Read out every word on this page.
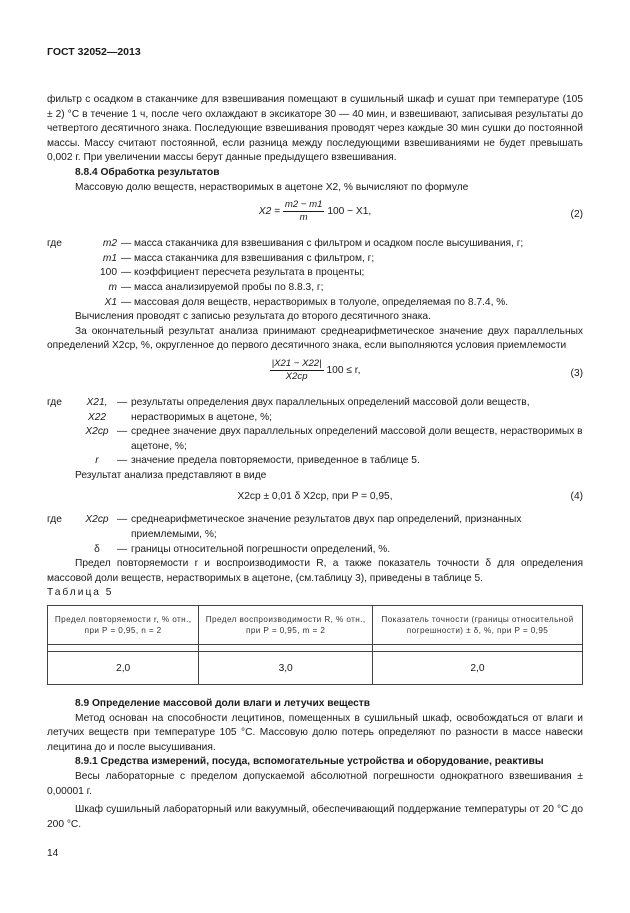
ГОСТ 32052—2013

фильтр с осадком в стаканчике для взвешивания помещают в сушильный шкаф и сушат при температуре (105 ± 2) °С в течение 1 ч, после чего охлаждают в эксикаторе 30 — 40 мин, и взвешивают, записывая результаты до четвертого десятичного знака. Последующие взвешивания проводят через каждые 30 мин сушки до постоянной массы. Массу считают постоянной, если разница между последующими взвешиваниями не будет превышать 0,002 г. При увеличении массы берут данные предыдущего взвешивания.

8.8.4 Обработка результатов

Массовую долю веществ, нерастворимых в ацетоне X2, % вычисляют по формуле

$X2 = \frac{m2 - m1}{m} 100 - X1$,	(2)
где	m2 — масса стаканчика для взвешивания с фильтром и осадком после высушивания, г;
m1 — масса стаканчика для взвешивания с фильтром, г;
100 — коэффициент пересчета результата в проценты;
m — масса анализируемой пробы по 8.8.3, г;
X1 — массовая доля веществ, нерастворимых в толуоле, определяемая по 8.7.4, %.

Вычисления проводят с записью результата до второго десятичного знака.

За окончательный результат анализа принимают среднеарифметическое значение двух параллельных определений X2ср, %, округленное до первого десятичного знака, если выполняются условия приемлемости

$\frac{|X21 - X22|}{X2ср} 100 \le r$,	(3)
где	X21, X22
— результаты определения двух параллельных определений массовой доли веществ, нерастворимых в ацетоне, %;
X2ср — среднее значение двух параллельных определений массовой доли веществ, нерастворимых в ацетоне, %;
r	— значение предела повторяемости, приведенное в таблице 5.

Результат анализа представляют в виде

X2ср ± 0,01 δ X2ср, при P = 0,95,	(4)
где	X2ср — среднеарифметическое значение результатов двух пар определений, признанных приемлемыми, %;
δ	— границы относительной погрешности определений, %.

Предел повторяемости r и воспроизводимости R, а также показатель точности δ для определения массовой доли веществ, нерастворимых в ацетоне, (см.таблицу 3), приведены в таблице 5.

Таблица 5

Предел повторяемости r, % отн., при P = 0,95, n = 2	Предел воспроизводимости R, % отн., при P = 0,95, m = 2	Показатель точности (границы относительной погрешности) ± δ, %, при P = 0,95

2,0	3,0	2,0

8.9 Определение массовой доли влаги и летучих веществ

Метод основан на способности лецитинов, помещенных в сушильный шкаф, освобождаться от влаги и летучих веществ при температуре 105 °С. Массовую долю потерь определяют по разности в массе навески лецитина до и после высушивания.

8.9.1 Средства измерений, посуда, вспомогательные устройства и оборудование, реактивы

Весы лабораторные с пределом допускаемой абсолютной погрешности однократного взвешивания ± 0,00001 г.

Шкаф сушильный лабораторный или вакуумный, обеспечивающий поддержание температуры от 20 °С до 200 °С.

14
